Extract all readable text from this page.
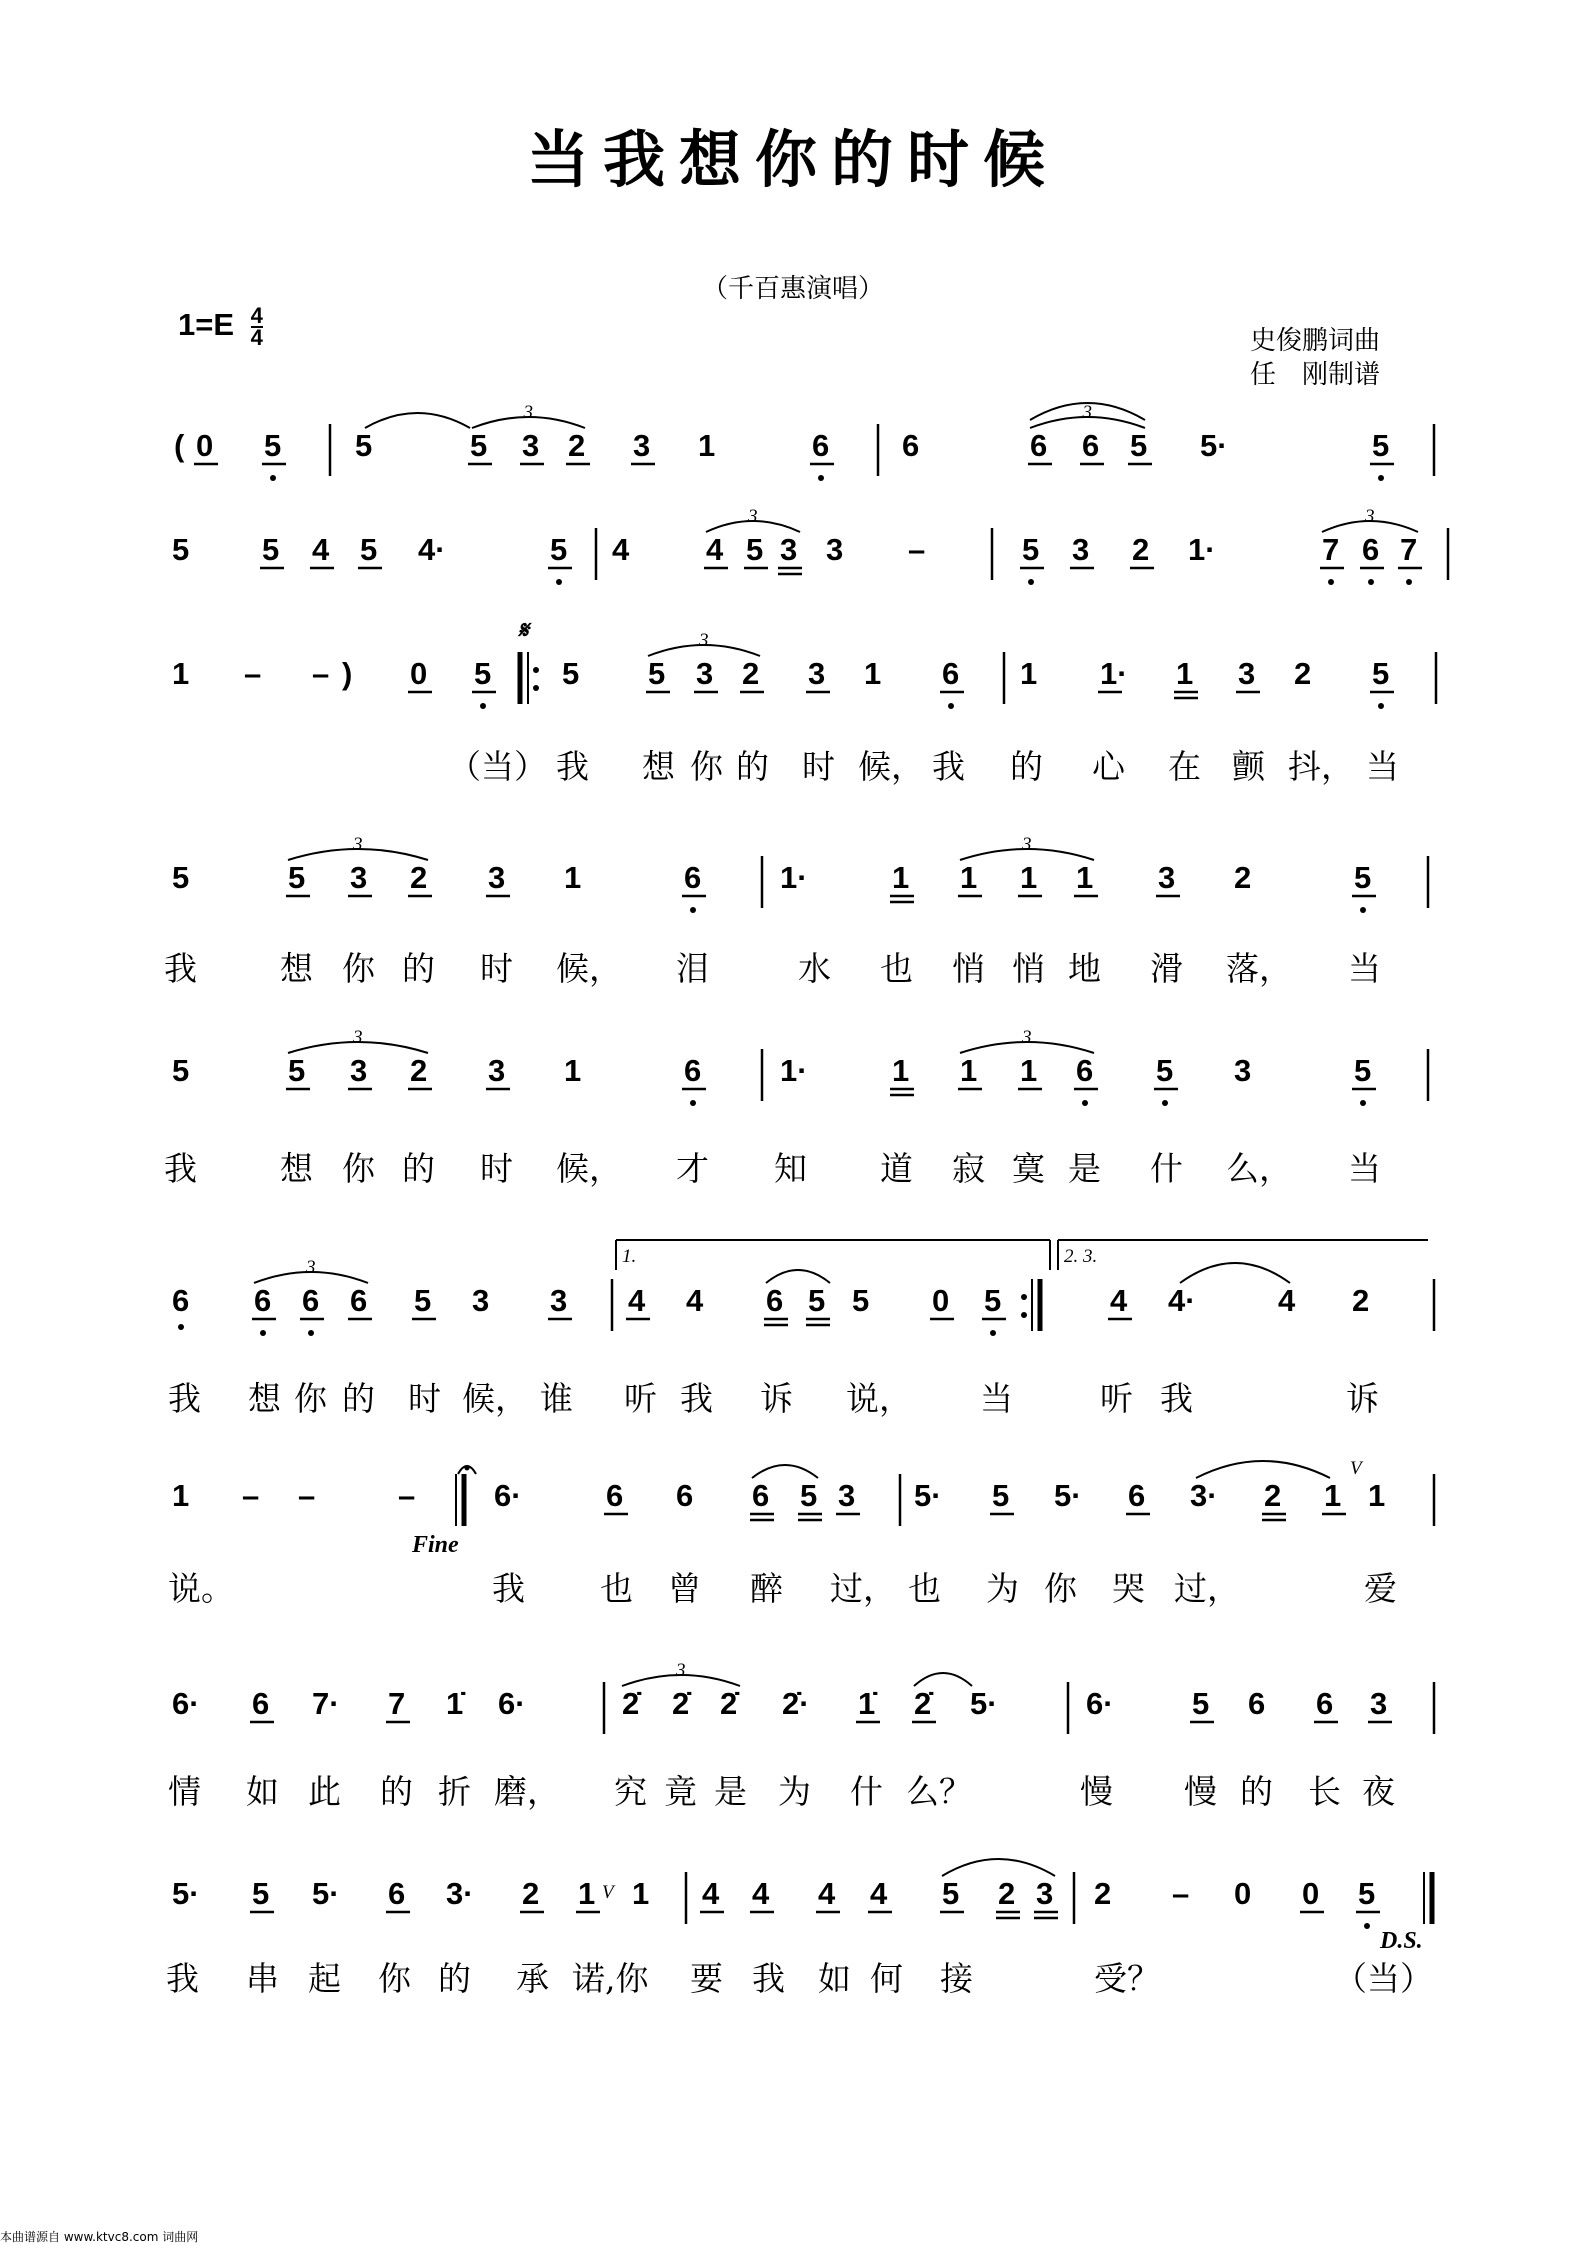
当我想你的时候
（千百惠演唱）
$1=E \frac{4}{4}$	史俊鹏词曲
任　刚制谱
( 0 5 5	5 3 2 3 1	6 6	6 6 5 5·	5
5 5 4 5 4·	5 4 4 5 3 3 –	5 3 2 1·	7 6 7
1 – – ) 0 5 5 5 3 2 3 1 6 1 1· 1 3 2 5
（当） 我 想 你 的 时 候， 我 的 心 在 颤 抖， 当
5	5 3 2 3 1	6	1·	1 1 1 1 3 2	5
我	想 你 的 时 候， 泪	水 也 悄 悄 地 滑 落， 当
5	5 3 2 3 1	6	1·	1 1 1 6 5 3	5
我	想 你 的 时 候， 才 知 道 寂 寞 是 什 么， 当
6 6 6 6 5 3 3 4 4 6 5 5 0 5	4 4·	4 2
我 想 你 的 时 候， 谁 听 我 诉 说， 当	听 我	诉
1 – –	–	6·	6 6 6 5 3 5· 5 5· 6 3· 2 1 1
说。	我 也 曾 醉 过， 也 为 你 哭 过，	爱
6· 6 7· 7 1̇ 6·	2̇ 2̇ 2̇ 2̇· 1̇ 2̇ 5·	6·	5 6 6 3
情 如 此 的 折 磨， 究 竟 是 为 什 么？	慢 慢 的 长 夜
5· 5 5· 6 3· 2 1 1 4 4 4 4 5 2 3 2 – 0 0 5
我 串 起 你 的 承 诺,你 要 我 如 何 接	受？	（当）
3	3
3	3
3
3	3
3	3
3
3
𝄋
V
V
Fine
D.S.
1.	2. 3.
本曲谱源自 www.ktvc8.com 词曲网
